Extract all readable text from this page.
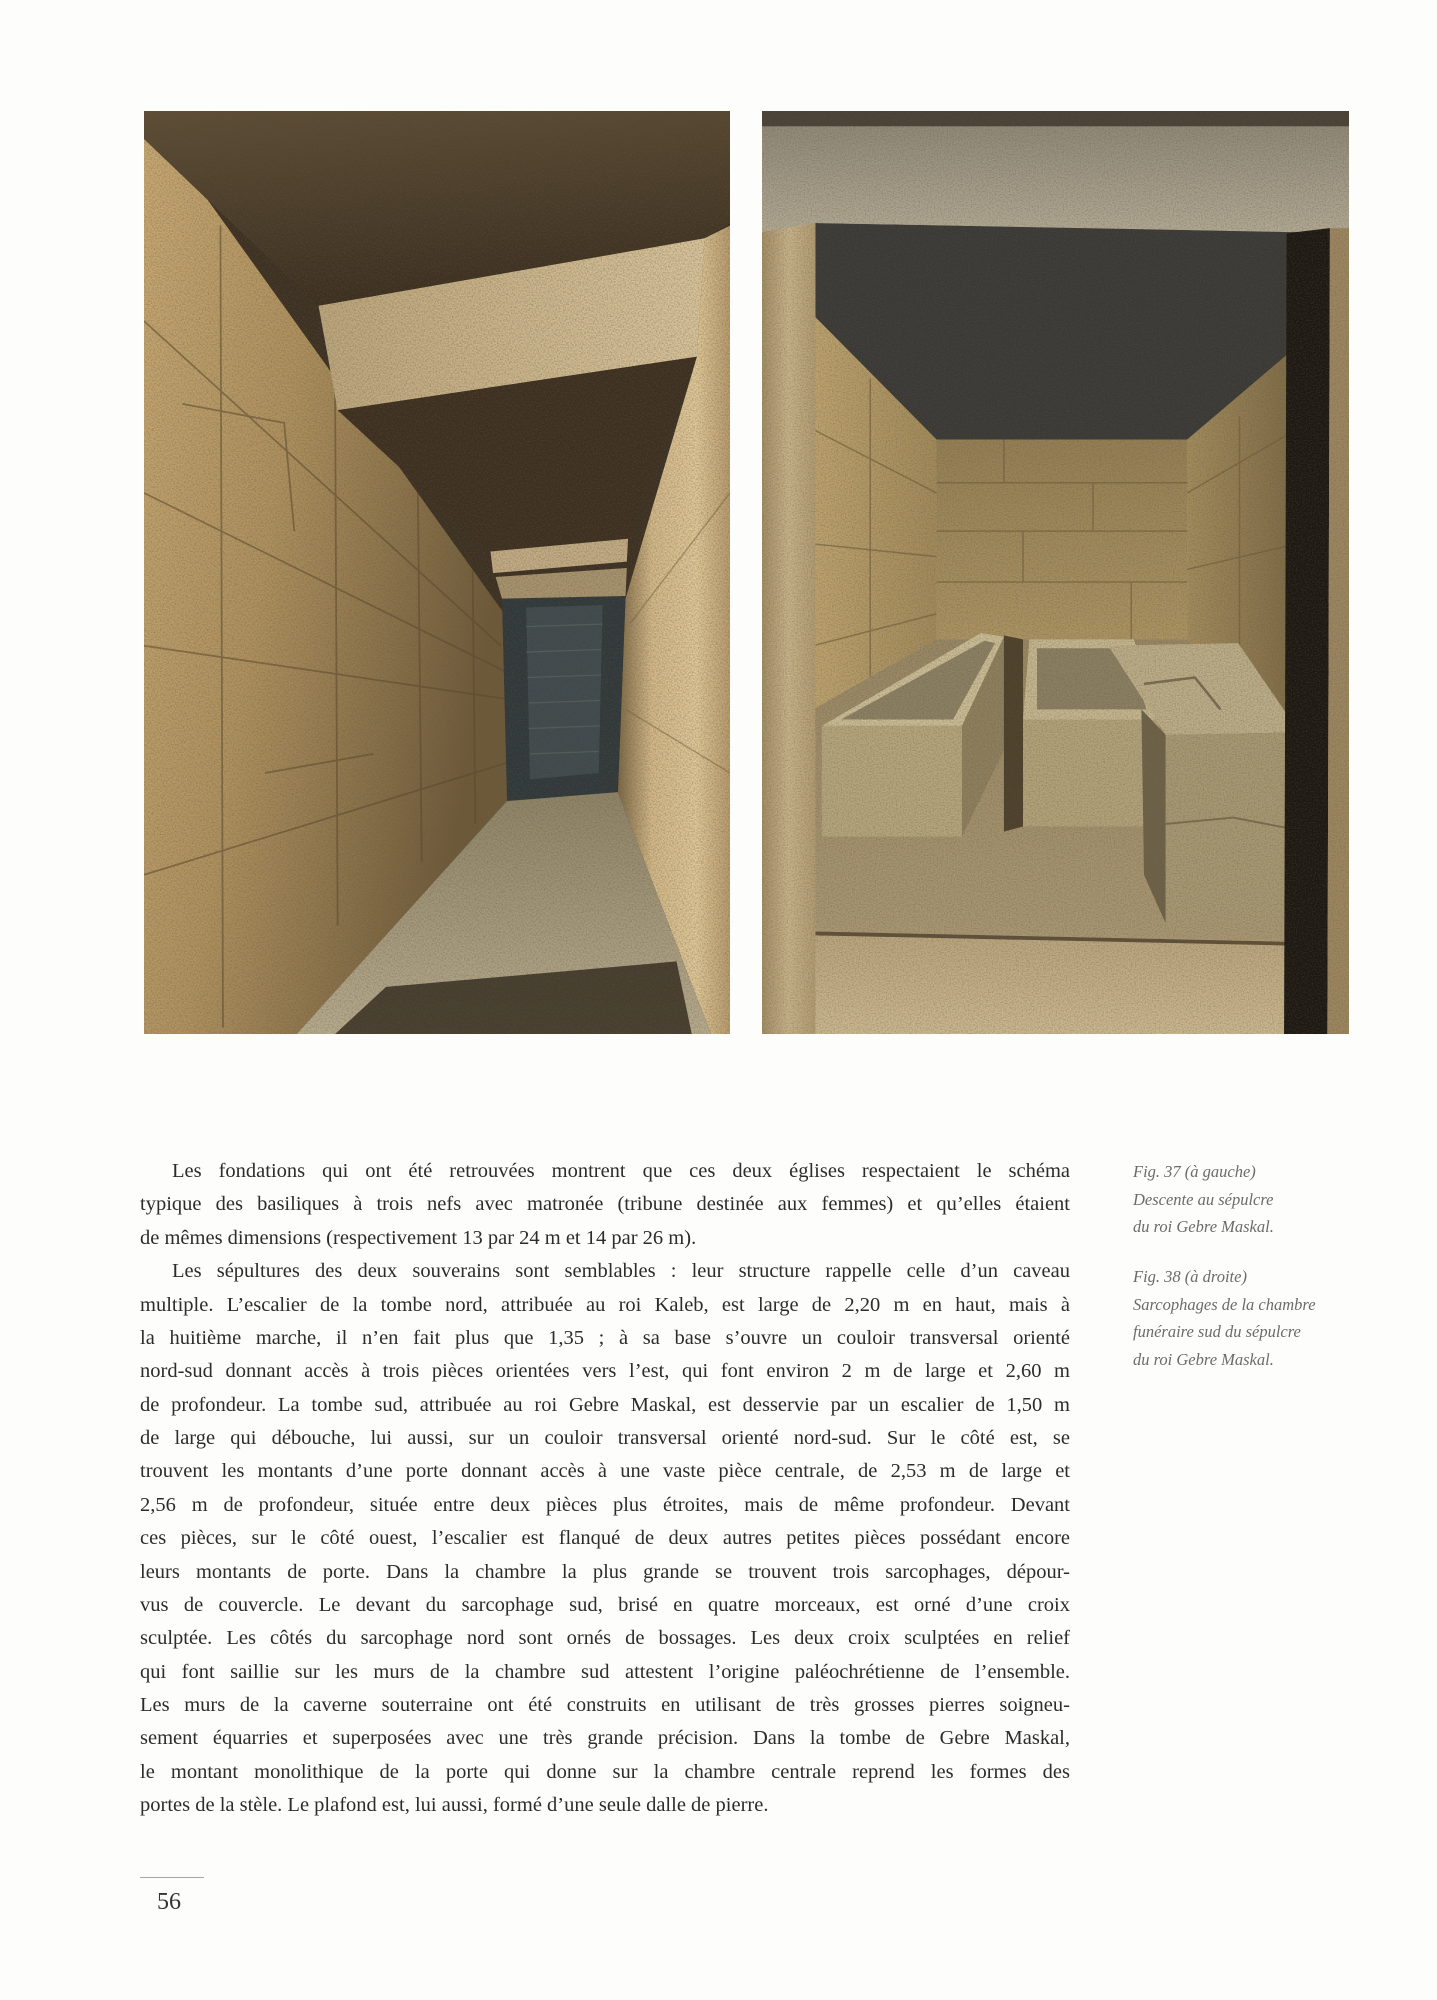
Les fondations qui ont été retrouvées montrent que ces deux églises respectaient le schéma
typique des basiliques à trois nefs avec matronée (tribune destinée aux femmes) et qu’elles étaient
de mêmes dimensions (respectivement 13 par 24 m et 14 par 26 m).
Les sépultures des deux souverains sont semblables : leur structure rappelle celle d’un caveau
multiple. L’escalier de la tombe nord, attribuée au roi Kaleb, est large de 2,20 m en haut, mais à
la huitième marche, il n’en fait plus que 1,35 ; à sa base s’ouvre un couloir transversal orienté
nord-sud donnant accès à trois pièces orientées vers l’est, qui font environ 2 m de large et 2,60 m
de profondeur. La tombe sud, attribuée au roi Gebre Maskal, est desservie par un escalier de 1,50 m
de large qui débouche, lui aussi, sur un couloir transversal orienté nord-sud. Sur le côté est, se
trouvent les montants d’une porte donnant accès à une vaste pièce centrale, de 2,53 m de large et
2,56 m de profondeur, située entre deux pièces plus étroites, mais de même profondeur. Devant
ces pièces, sur le côté ouest, l’escalier est flanqué de deux autres petites pièces possédant encore
leurs montants de porte. Dans la chambre la plus grande se trouvent trois sarcophages, dépour-
vus de couvercle. Le devant du sarcophage sud, brisé en quatre morceaux, est orné d’une croix
sculptée. Les côtés du sarcophage nord sont ornés de bossages. Les deux croix sculptées en relief
qui font saillie sur les murs de la chambre sud attestent l’origine paléochrétienne de l’ensemble.
Les murs de la caverne souterraine ont été construits en utilisant de très grosses pierres soigneu-
sement équarries et superposées avec une très grande précision. Dans la tombe de Gebre Maskal,
le montant monolithique de la porte qui donne sur la chambre centrale reprend les formes des
portes de la stèle. Le plafond est, lui aussi, formé d’une seule dalle de pierre.
Fig. 37 (à gauche)
Descente au sépulcre
du roi Gebre Maskal.
Fig. 38 (à droite)
Sarcophages de la chambre
funéraire sud du sépulcre
du roi Gebre Maskal.
56
